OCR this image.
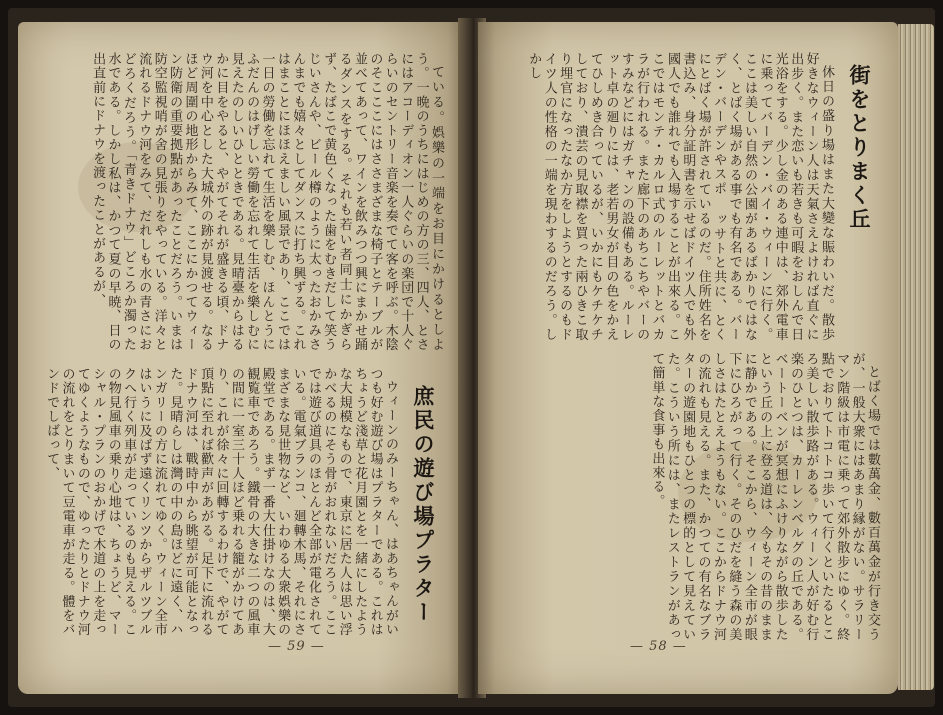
ている。娯樂の一端をお目にかけるとしよう。一晩のうちにはじめの方の三、四人、とさにはアコーディオン一人ぐらいの楽団で十人ぐらいのセントリー音楽を奏でて客を呼ぶ。木陰のそこここにはささまざまな椅子とテーブルが並べてあって、ワインを飲みつつ興にまかせ踊るダンスをする。それも若い者同士にかぎらず、たばこで黄色くなった歯をむきだして笑うじいさんや、ビール樽のように太ったおかみさんまでも嬉々としてダンスに打ち興ずる。これはまことにほほえましい風景であり、ここでは一日の勞働を忘れて生活を樂しむ、ほんとうにふだんのはげしい勞働を忘れて生活を樂しむに見えたのしいひとときである。見晴臺からはるかに目をやると、やがてそれが盛きる頃、ドナウ河を中心とした大城外の跡が見渡せる。なるほど周圍の地形からみて、ここにかつてウィーン防衛の重要拠點があったことだろう。いまは防空監視哨が舍の見張りをやっている。洋々と流れるドナウ河をみて、だれしも水の青さにおどろくだろう。「青きドナウ」どころか濁った水である。しかし私は、かつて夏の早暁、日の出直前にドナウを渡ったことがあるが、
庶民の遊び場プラター
ウィーンのみーちゃん、はあちゃんがいつも好む遊び場はプラターである。これはちょうど淺草と花月園とを一緒にしたような大規模なもので、東京に居た人は思い浮かべるのにそう骨がおれないだろう。ここでは遊び道具のほとんど全部が電化されている。電氣ブランコ、廻轉木馬、それにさまざまな見世物など、いわゆる大衆娯樂の殿堂である。まず一番大仕掛けなのは、大観覧車であろう。鐵骨の大きな二つの風車の間に一室三十人ほど乗れる籠がかけてあり、これが徐々に回轉するわけで、やがて頂點に至れば歡声があがる。足下に流れるドナウ河は、戰時中から眺望が可能となった。見晴らしは灣の中の島ほどに遠く、ハンガリーの方に流れてゆく。ウィーン全市はいうに及ばず遠くリンツからザルツブルクへ行く列車が走っているのも見える。この物見風車の乗り心地は、ちょうど、マーシャル・プランのおかげで木道の上を走ってゆくようなもので、ゆったりとドナウ河の流れをとりまいて豆電車が走る。體をバンドでしばって、
— 59 —
街をとりまく丘
休日の盛り場はまた大變な賑わいだ。散歩好きなウィーン人は天氣さえよければ直ぐに出步く。また恋いも若きも可暇をおしんで日光浴をする。少し金のある連中は、郊外電車に乗ってバーデン・バイ・ウィーンに行く。ここは美しい自然の公園があるばかりではなく、とばく場がある事でも有名である。バーデン・バーデンやスポ ッサトと共に、とくにとばく場が許されているのだ。住所姓名を書込み、身分証明書を示せばドイツ人でも外國人でも誰れでも入場することが出來る。ここではモンテ・カルロ式のルーレットとバカラが行われる。また廊下のあちこちやバーのすみなどにはガチャンの設備もある。ルーレット卓の廻りには、老若男女が目の色をかえてひしめき合っているが、いかにもケチケチしており、潰芸の見取襟を買った兩ひきこ取り埋官になったなか方をしようとするのもドイツ人の性格の一端を現わするのだろう。しかし
とばく場では數萬金、數百萬金が行き交うが、一般大衆にはあまり縁がない。サラリーマン階級は市電に乗って郊外散步にゆく。終點でおりてトコトコ歩いて行くといたるところ美しい散歩路がある。ウィーン人が好む行楽のひとつは、カーレンベルグの丘である。ベートーベンが冥想にふけりながら散歩したという丘の上に登る道は、今もその昔のままに静かである。そこから、ウィーン全市が眼下にひろがって行く。そのひだを縫う森の美しさはたとえようもない。ここからドナウ河の流れも見える。また、かつての有名なブラターの遊園地もひとつの標的として見えていた。こういう所には、またレストランがあって簡単な食事も出來る。
— 58 —
